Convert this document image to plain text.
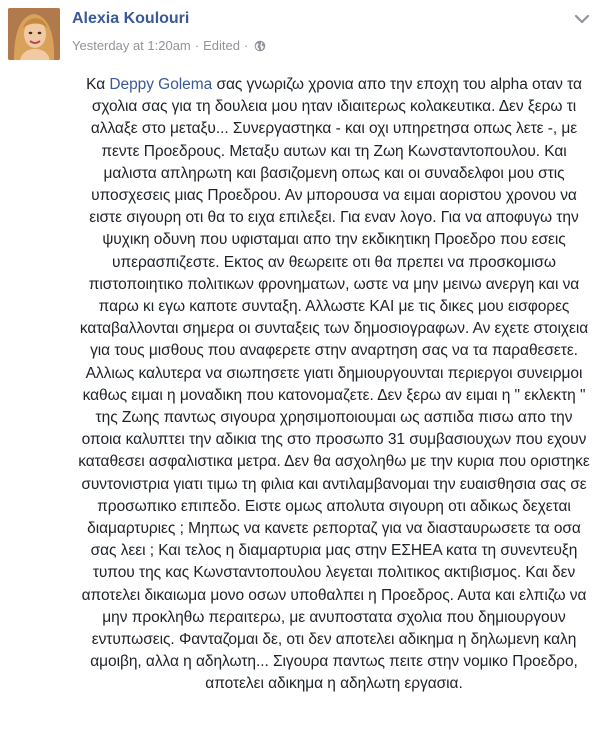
Alexia Koulouri
Yesterday at 1:20am · Edited ·
Κα Deppy Golema σας γνωριζω χρονια απο την εποχη του alpha οταν τα σχολια σας για τη δουλεια μου ηταν ιδιαιτερως κολακευτικα. Δεν ξερω τι αλλαξε στο μεταξυ... Συνεργαστηκα - και οχι υπηρετησα οπως λετε -, με πεντε Προεδρους. Μεταξυ αυτων και τη Ζωη Κωνσταντοπουλου. Και μαλιστα απληρωτη και βασιζομενη οπως και οι συναδελφοι μου στις υποσχεσεις μιας Προεδρου. Αν μπορουσα να ειμαι αοριστου χρονου να ειστε σιγουρη οτι θα το ειχα επιλεξει. Για εναν λογο. Για να αποφυγω την ψυχικη οδυνη που υφισταμαι απο την εκδικητικη Προεδρο που εσεις υπερασπιζεστε. Εκτος αν θεωρειτε οτι θα πρεπει να προσκομισω πιστοποιητικο πολιτικων φρονηματων, ωστε να μην μεινω ανεργη και να παρω κι εγω καποτε συνταξη. Αλλωστε ΚΑΙ με τις δικες μου εισφορες καταβαλλονται σημερα οι συνταξεις των δημοσιογραφων. Αν εχετε στοιχεια για τους μισθους που αναφερετε στην αναρτηση σας να τα παραθεσετε. Αλλιως καλυτερα να σιωπησετε γιατι δημιουργουνται περιεργοι συνειρμοι καθως ειμαι η μοναδικη που κατονομαζετε. Δεν ξερω αν ειμαι η " εκλεκτη " της Ζωης παντως σιγουρα χρησιμοποιουμαι ως ασπιδα πισω απο την οποια καλυπτει την αδικια της στο προσωπο 31 συμβασιουχων που εχουν καταθεσει ασφαλιστικα μετρα. Δεν θα ασχοληθω με την κυρια που οριστηκε συντονιστρια γιατι τιμω τη φιλια και αντιλαμβανομαι την ευαισθησια σας σε προσωπικο επιπεδο. Ειστε ομως απολυτα σιγουρη οτι αδικως δεχεται διαμαρτυριες ; Μηπως να κανετε ρεπορταζ για να διασταυρωσετε τα οσα σας λεει ; Και τελος η διαμαρτυρια μας στην ΕΣΗΕΑ κατα τη συνεντευξη τυπου της κας Κωνσταντοπουλου λεγεται πολιτικος ακτιβισμος. Και δεν αποτελει δικαιωμα μονο οσων υποθαλπει η Προεδρος. Αυτα και ελπιζω να μην προκληθω περαιτερω, με ανυποστατα σχολια που δημιουργουν εντυπωσεις. Φανταζομαι δε, οτι δεν αποτελει αδικημα η δηλωμενη καλη αμοιβη, αλλα η αδηλωτη... Σιγουρα παντως πειτε στην νομικο Προεδρο, αποτελει αδικημα η αδηλωτη εργασια.
